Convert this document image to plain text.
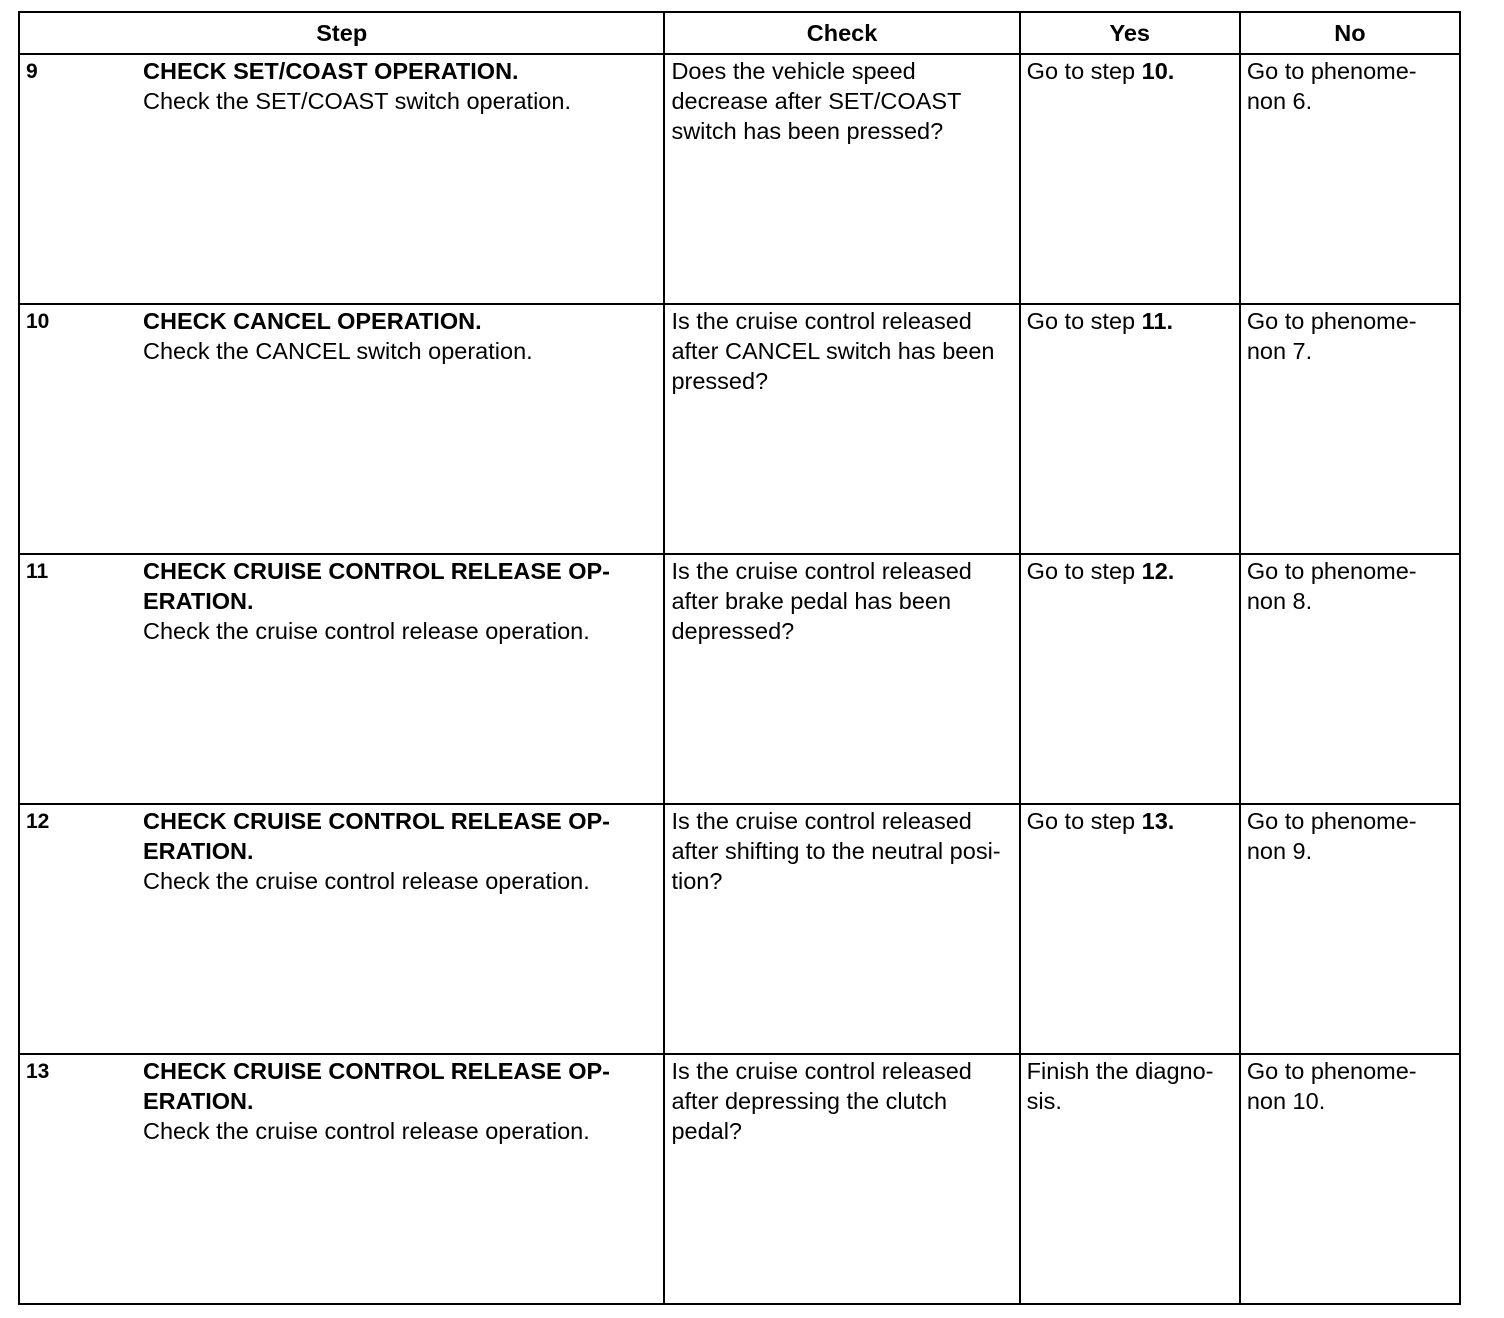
Step	Check	Yes	No

9 CHECK SET/COAST OPERATION.
Check the SET/COAST switch operation.	Does the vehicle speed
decrease after SET/COAST
switch has been pressed?	Go to step 10.	Go to phenome-
non 6.

10 CHECK CANCEL OPERATION.
Check the CANCEL switch operation.	Is the cruise control released
after CANCEL switch has been
pressed?	Go to step 11.	Go to phenome-
non 7.

11 CHECK CRUISE CONTROL RELEASE OP-
ERATION.
Check the cruise control release operation.	Is the cruise control released
after brake pedal has been
depressed?	Go to step 12.	Go to phenome-
non 8.

12 CHECK CRUISE CONTROL RELEASE OP-
ERATION.
Check the cruise control release operation.	Is the cruise control released
after shifting to the neutral posi-
tion?	Go to step 13.	Go to phenome-
non 9.

13 CHECK CRUISE CONTROL RELEASE OP-
ERATION.
Check the cruise control release operation.	Is the cruise control released
after depressing the clutch
pedal?	Finish the diagno-
sis.	Go to phenome-
non 10.
